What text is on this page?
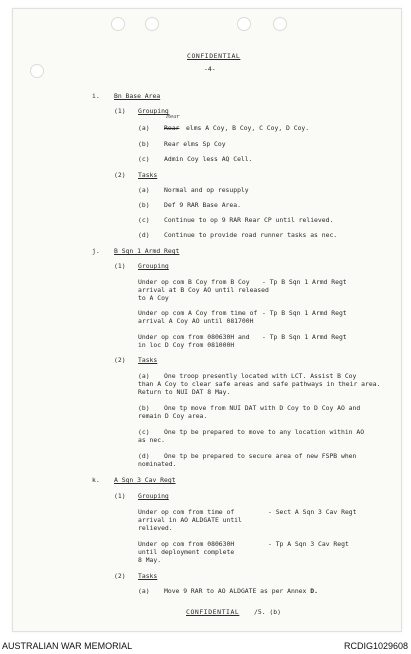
CONFIDENTIAL
-4-
i. Bn Base Area
(1) Grouping
(a)
Rear
Rear elms A Coy, B Coy, C Coy, D Coy.
(b) Rear elms Sp Coy
(c) Admin Coy less AQ Cell.
(2) Tasks
(a) Normal and op resupply
(b) Def 9 RAR Base Area.
(c) Continue to op 9 RAR Rear CP until relieved.
(d) Continue to provide road runner tasks as nec.
j. B Sqn 1 Armd Regt
(1) Grouping
Under op com B Coy from B Coy - Tp B Sqn 1 Armd Regt
arrival at B Coy AO until released
to A Coy
Under op com A Coy from time of - Tp B Sqn 1 Armd Regt
arrival A Coy AO until 081700H
Under op com from 080630H and - Tp B Sqn 1 Armd Regt
in loc D Coy from 081000H
(2) Tasks
(a) One troop presently located with LCT. Assist B Coy
than A Coy to clear safe areas and safe pathways in their area.
Return to NUI DAT 8 May.
(b) One tp move from NUI DAT with D Coy to D Coy AO and
remain D Coy area.
(c) One tp be prepared to move to any location within AO
as nec.
(d) One tp be prepared to secure area of new FSPB when
nominated.
k. A Sqn 3 Cav Regt
(1) Grouping
Under op com from time of	- Sect A Sqn 3 Cav Regt
arrival in AO ALDGATE until
relieved.
Under op com from 080630H	- Tp A Sqn 3 Cav Regt
until deployment complete
8 May.
(2) Tasks
(a) Move 9 RAR to AO ALDGATE as per Annex D.
CONFIDENTIAL /5. (b)
AUSTRALIAN WAR MEMORIAL	RCDIG1029608
